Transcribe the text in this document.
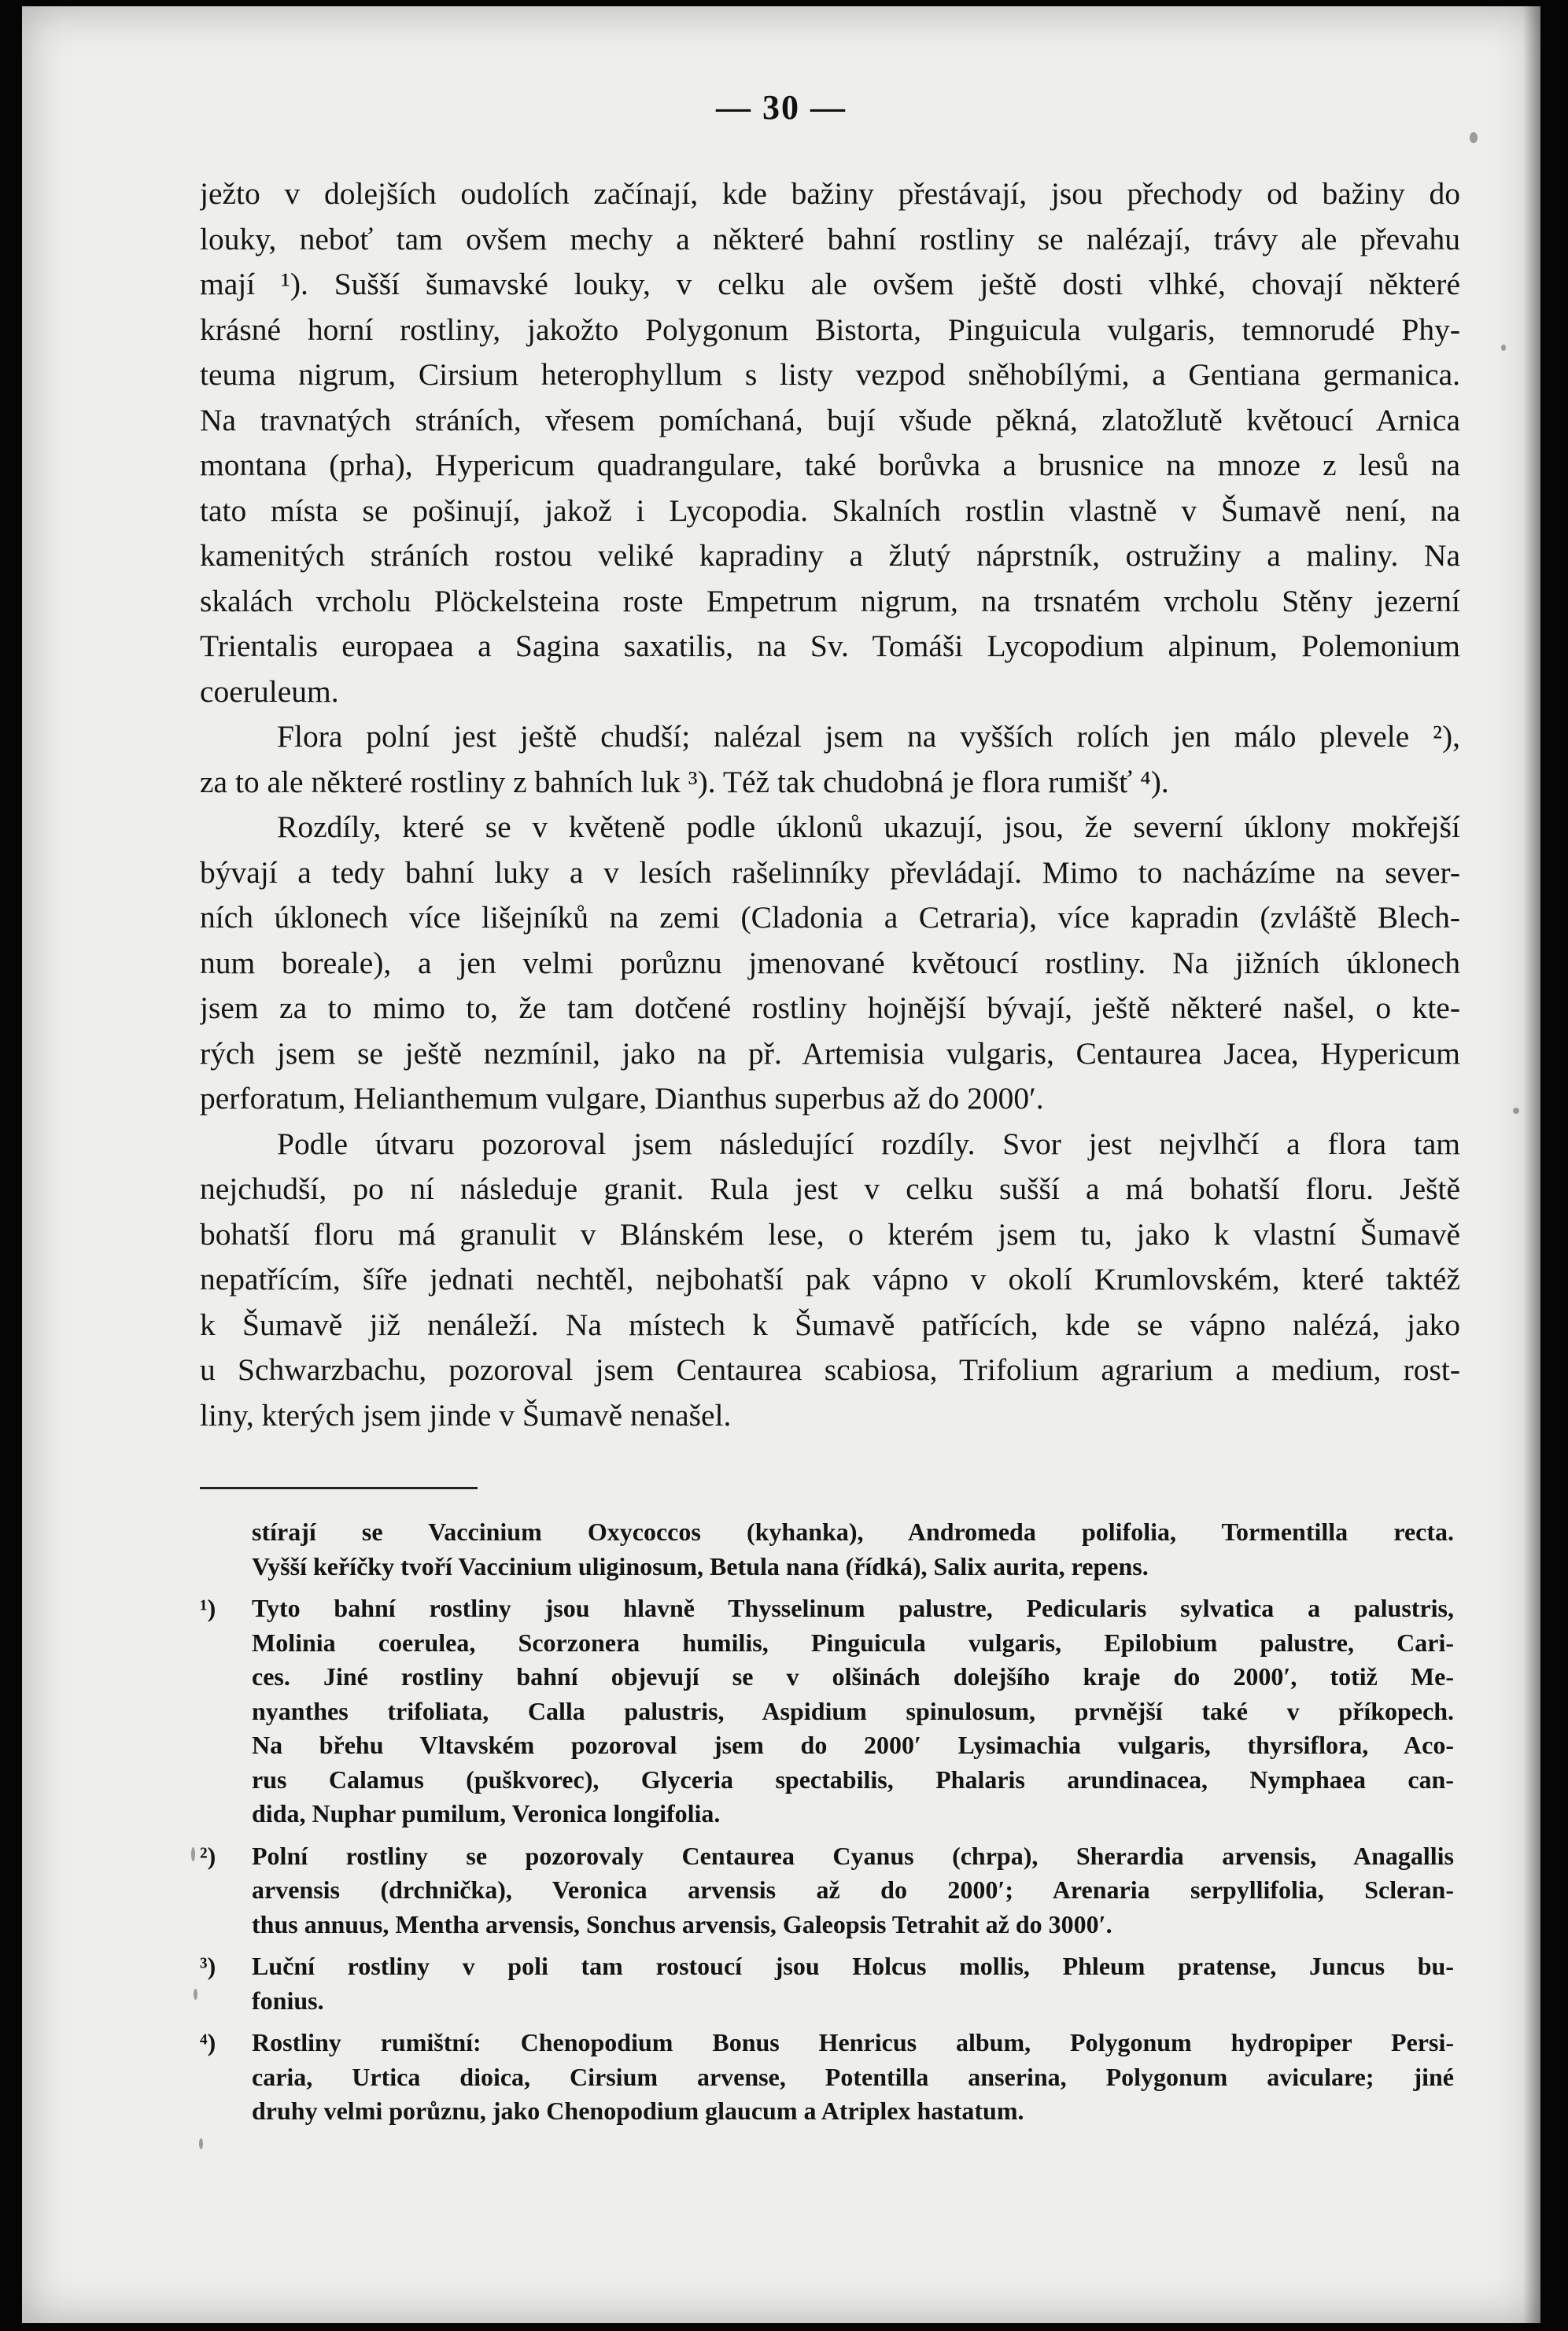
— 30 —
ježto v dolejších oudolích začínají, kde bažiny přestávají, jsou přechody od bažiny do
louky, neboť tam ovšem mechy a některé bahní rostliny se nalézají, trávy ale převahu
mají ¹). Sušší šumavské louky, v celku ale ovšem ještě dosti vlhké, chovají některé
krásné horní rostliny, jakožto Polygonum Bistorta, Pinguicula vulgaris, temnorudé Phy-
teuma nigrum, Cirsium heterophyllum s listy vezpod sněhobílými, a Gentiana germanica.
Na travnatých stráních, vřesem pomíchaná, bují všude pěkná, zlatožlutě květoucí Arnica
montana (prha), Hypericum quadrangulare, také borůvka a brusnice na mnoze z lesů na
tato místa se pošinují, jakož i Lycopodia. Skalních rostlin vlastně v Šumavě není, na
kamenitých stráních rostou veliké kapradiny a žlutý náprstník, ostružiny a maliny. Na
skalách vrcholu Plöckelsteina roste Empetrum nigrum, na trsnatém vrcholu Stěny jezerní
Trientalis europaea a Sagina saxatilis, na Sv. Tomáši Lycopodium alpinum, Polemonium
coeruleum.
Flora polní jest ještě chudší; nalézal jsem na vyšších rolích jen málo plevele ²),
za to ale některé rostliny z bahních luk ³). Též tak chudobná je flora rumišť ⁴).
Rozdíly, které se v květeně podle úklonů ukazují, jsou, že severní úklony mokřejší
bývají a tedy bahní luky a v lesích rašelinníky převládají. Mimo to nacházíme na sever-
ních úklonech více lišejníků na zemi (Cladonia a Cetraria), více kapradin (zvláště Blech-
num boreale), a jen velmi porůznu jmenované květoucí rostliny. Na jižních úklonech
jsem za to mimo to, že tam dotčené rostliny hojnější bývají, ještě některé našel, o kte-
rých jsem se ještě nezmínil, jako na př. Artemisia vulgaris, Centaurea Jacea, Hypericum
perforatum, Helianthemum vulgare, Dianthus superbus až do 2000′.
Podle útvaru pozoroval jsem následující rozdíly. Svor jest nejvlhčí a flora tam
nejchudší, po ní následuje granit. Rula jest v celku sušší a má bohatší floru. Ještě
bohatší floru má granulit v Blánském lese, o kterém jsem tu, jako k vlastní Šumavě
nepatřícím, šíře jednati nechtěl, nejbohatší pak vápno v okolí Krumlovském, které taktéž
k Šumavě již nenáleží. Na místech k Šumavě patřících, kde se vápno nalézá, jako
u Schwarzbachu, pozoroval jsem Centaurea scabiosa, Trifolium agrarium a medium, rost-
liny, kterých jsem jinde v Šumavě nenašel.
stírají se Vaccinium Oxycoccos (kyhanka), Andromeda polifolia, Tormentilla recta.
Vyšší keříčky tvoří Vaccinium uliginosum, Betula nana (řídká), Salix aurita, repens.
¹) Tyto bahní rostliny jsou hlavně Thysselinum palustre, Pedicularis sylvatica a palustris,
Molinia coerulea, Scorzonera humilis, Pinguicula vulgaris, Epilobium palustre, Cari-
ces. Jiné rostliny bahní objevují se v olšinách dolejšího kraje do 2000′, totiž Me-
nyanthes trifoliata, Calla palustris, Aspidium spinulosum, prvnější také v příkopech.
Na břehu Vltavském pozoroval jsem do 2000′ Lysimachia vulgaris, thyrsiflora, Aco-
rus Calamus (puškvorec), Glyceria spectabilis, Phalaris arundinacea, Nymphaea can-
dida, Nuphar pumilum, Veronica longifolia.
²) Polní rostliny se pozorovaly Centaurea Cyanus (chrpa), Sherardia arvensis, Anagallis
arvensis (drchnička), Veronica arvensis až do 2000′; Arenaria serpyllifolia, Scleran-
thus annuus, Mentha arvensis, Sonchus arvensis, Galeopsis Tetrahit až do 3000′.
³) Luční rostliny v poli tam rostoucí jsou Holcus mollis, Phleum pratense, Juncus bu-
fonius.
⁴) Rostliny rumištní: Chenopodium Bonus Henricus album, Polygonum hydropiper Persi-
caria, Urtica dioica, Cirsium arvense, Potentilla anserina, Polygonum aviculare; jiné
druhy velmi porůznu, jako Chenopodium glaucum a Atriplex hastatum.
